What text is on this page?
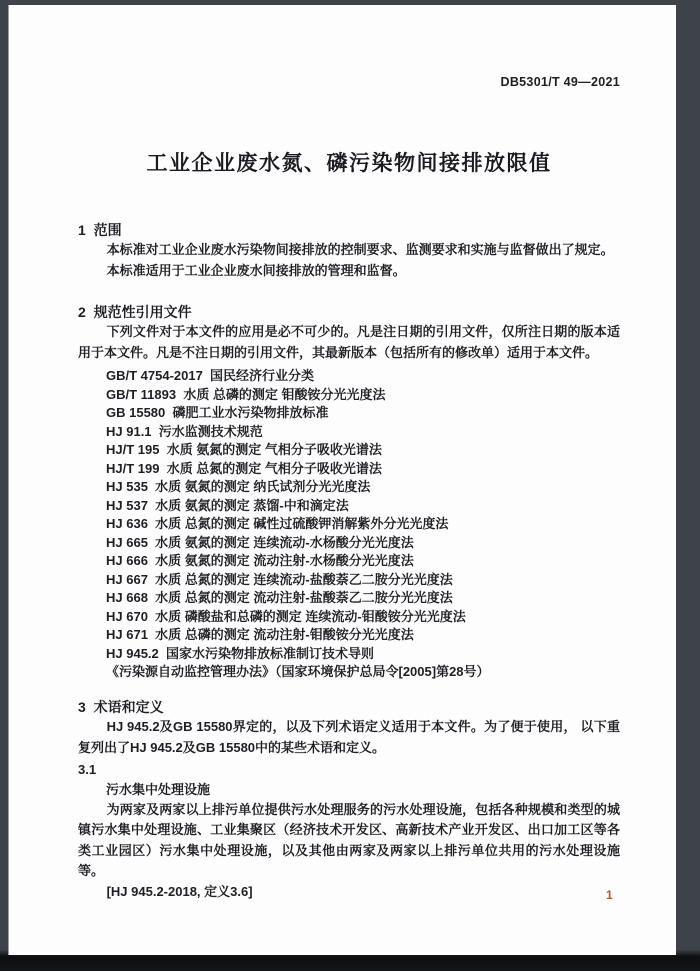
DB5301/T 49—2021
工业企业废水氮、磷污染物间接排放限值
1  范围

本标准对工业企业废水污染物间接排放的控制要求、监测要求和实施与监督做出了规定。

本标准适用于工业企业废水间接排放的管理和监督。

2  规范性引用文件

下列文件对于本文件的应用是必不可少的。凡是注日期的引用文件，仅所注日期的版本适用于本文件。凡是不注日期的引用文件，其最新版本（包括所有的修改单）适用于本文件。

GB/T 4754-2017  国民经济行业分类
GB/T 11893  水质 总磷的测定 钼酸铵分光光度法
GB 15580  磷肥工业水污染物排放标准
HJ 91.1  污水监测技术规范
HJ/T 195  水质 氨氮的测定 气相分子吸收光谱法
HJ/T 199  水质 总氮的测定 气相分子吸收光谱法
HJ 535  水质 氨氮的测定 纳氏试剂分光光度法
HJ 537  水质 氨氮的测定 蒸馏-中和滴定法
HJ 636  水质 总氮的测定 碱性过硫酸钾消解紫外分光光度法
HJ 665  水质 氨氮的测定 连续流动-水杨酸分光光度法
HJ 666  水质 氨氮的测定 流动注射-水杨酸分光光度法
HJ 667  水质 总氮的测定 连续流动-盐酸萘乙二胺分光光度法
HJ 668  水质 总氮的测定 流动注射-盐酸萘乙二胺分光光度法
HJ 670  水质 磷酸盐和总磷的测定 连续流动-钼酸铵分光光度法
HJ 671  水质 总磷的测定 流动注射-钼酸铵分光光度法
HJ 945.2  国家水污染物排放标准制订技术导则
《污染源自动监控管理办法》（国家环境保护总局令[2005]第28号）
3  术语和定义

HJ 945.2及GB 15580界定的，以及下列术语定义适用于本文件。为了便于使用， 以下重复列出了HJ 945.2及GB 15580中的某些术语和定义。

3.1
污水集中处理设施

为两家及两家以上排污单位提供污水处理服务的污水处理设施，包括各种规模和类型的城镇污水集中处理设施、工业集聚区（经济技术开发区、高新技术产业开发区、出口加工区等各类工业园区）污水集中处理设施，以及其他由两家及两家以上排污单位共用的污水处理设施等。

[HJ 945.2-2018, 定义3.6]	1
